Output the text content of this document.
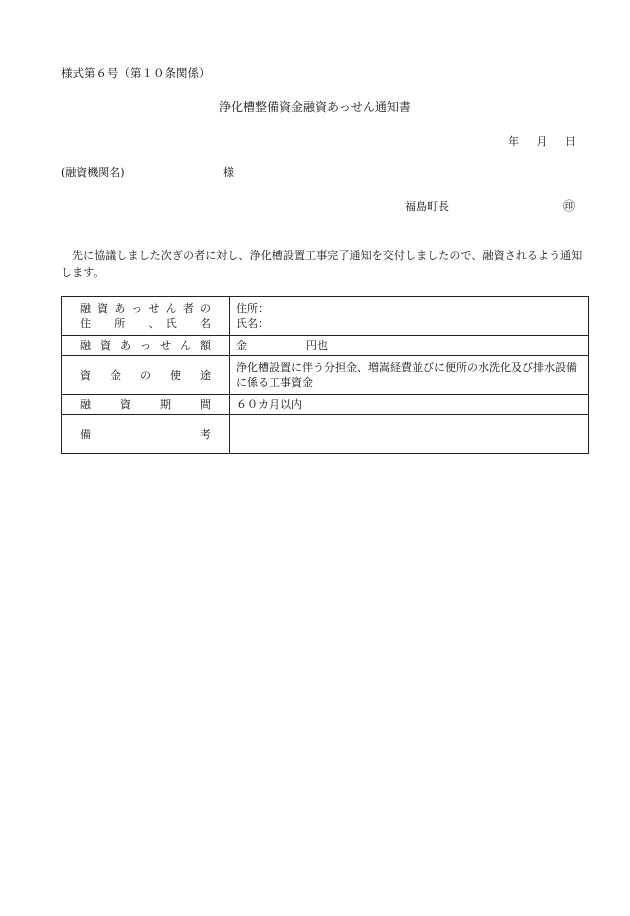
様式第６号（第１０条関係）
浄化槽整備資金融資あっせん通知書
年 月 日
(融資機関名)	様
福島町長	㊞
先に協議しました次ぎの者に対し、浄化槽設置工事完了通知を交付しましたので、融資されるよう通知します。
融資あっせん者の
住　所　、氏　名	住所：
氏名：

融資あっせん額	金 円也
資金の使途	浄化槽設置に伴う分担金、増嵩経費並びに便所の水洗化及び排水設備に係る工事資金
融資期間	６０カ月以内
備考	
